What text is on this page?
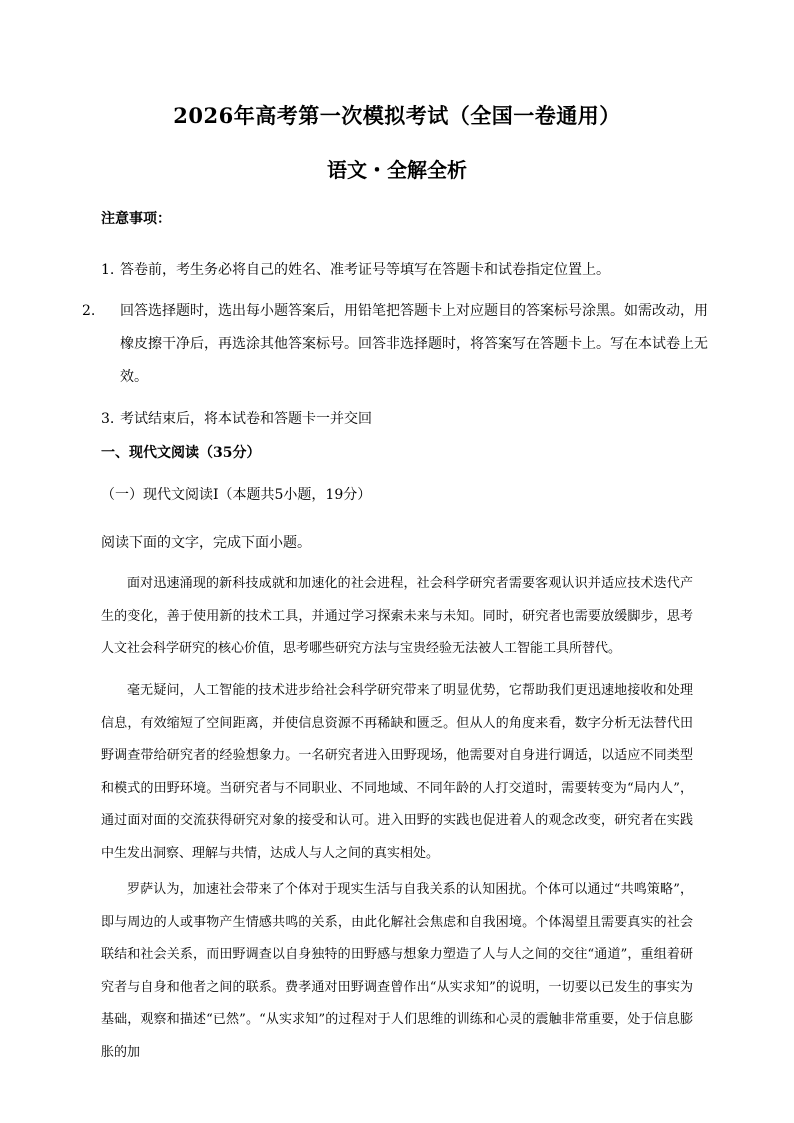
2026年高考第一次模拟考试（全国一卷通用）
语文・全解全析
注意事项：
1. 答卷前，考生务必将自己的姓名、准考证号等填写在答题卡和试卷指定位置上。
2. 回答选择题时，选出每小题答案后，用铅笔把答题卡上对应题目的答案标号涂黑。如需改动，用橡皮擦干净后，再选涂其他答案标号。回答非选择题时，将答案写在答题卡上。写在本试卷上无效。
3. 考试结束后，将本试卷和答题卡一并交回
一、现代文阅读（35分）
（一）现代文阅读Ⅰ（本题共5小题，19分）
阅读下面的文字，完成下面小题。
面对迅速涌现的新科技成就和加速化的社会进程，社会科学研究者需要客观认识并适应技术迭代产生的变化，善于使用新的技术工具，并通过学习探索未来与未知。同时，研究者也需要放缓脚步，思考人文社会科学研究的核心价值，思考哪些研究方法与宝贵经验无法被人工智能工具所替代。
毫无疑问，人工智能的技术进步给社会科学研究带来了明显优势，它帮助我们更迅速地接收和处理信息，有效缩短了空间距离，并使信息资源不再稀缺和匮乏。但从人的角度来看，数字分析无法替代田野调查带给研究者的经验想象力。一名研究者进入田野现场，他需要对自身进行调适，以适应不同类型和模式的田野环境。当研究者与不同职业、不同地域、不同年龄的人打交道时，需要转变为“局内人”，通过面对面的交流获得研究对象的接受和认可。进入田野的实践也促进着人的观念改变，研究者在实践中生发出洞察、理解与共情，达成人与人之间的真实相处。
罗萨认为，加速社会带来了个体对于现实生活与自我关系的认知困扰。个体可以通过“共鸣策略”，即与周边的人或事物产生情感共鸣的关系，由此化解社会焦虑和自我困境。个体渴望且需要真实的社会联结和社会关系，而田野调查以自身独特的田野感与想象力塑造了人与人之间的交往“通道”，重组着研究者与自身和他者之间的联系。费孝通对田野调查曾作出“从实求知”的说明，一切要以已发生的事实为基础，观察和描述“已然”。“从实求知”的过程对于人们思维的训练和心灵的震触非常重要，处于信息膨胀的加
